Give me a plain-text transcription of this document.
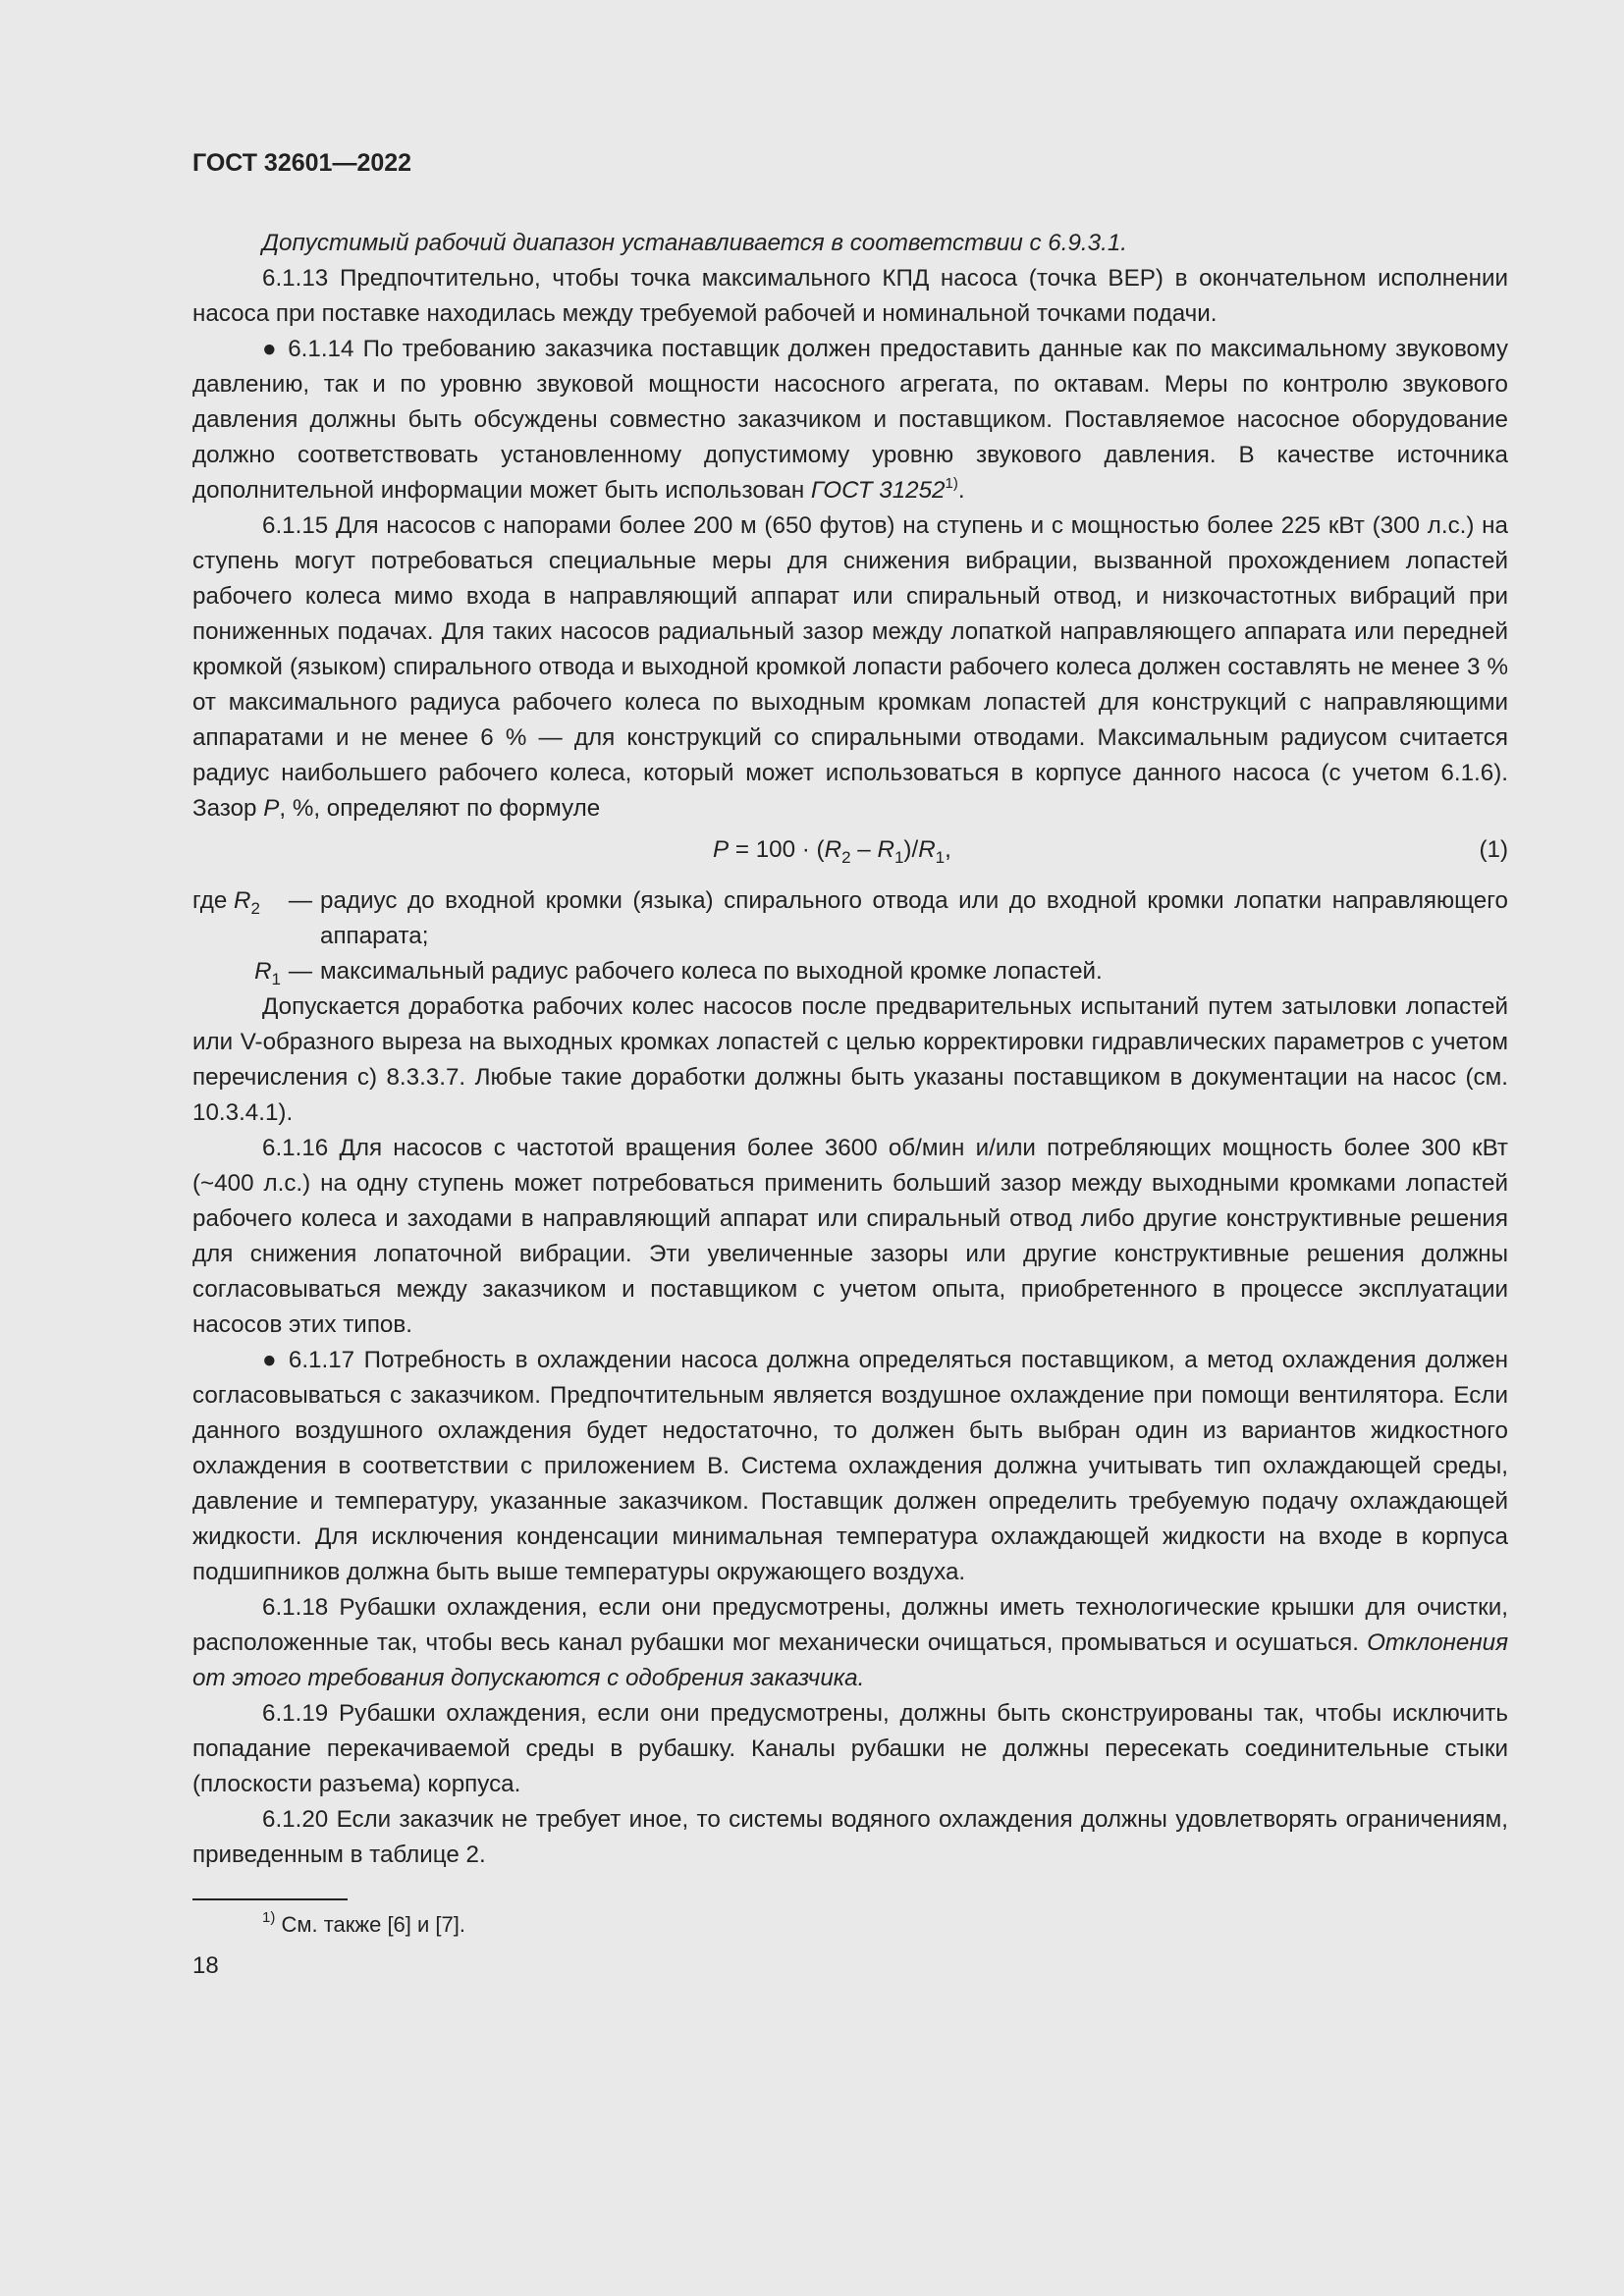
ГОСТ 32601—2022

Допустимый рабочий диапазон устанавливается в соответствии с 6.9.3.1.

6.1.13 Предпочтительно, чтобы точка максимального КПД насоса (точка BEP) в окончательном исполнении насоса при поставке находилась между требуемой рабочей и номинальной точками подачи.

● 6.1.14 По требованию заказчика поставщик должен предоставить данные как по максимальному звуковому давлению, так и по уровню звуковой мощности насосного агрегата, по октавам. Меры по контролю звукового давления должны быть обсуждены совместно заказчиком и поставщиком. Поставляемое насосное оборудование должно соответствовать установленному допустимому уровню звукового давления. В качестве источника дополнительной информации может быть использован ГОСТ 31252$^{1)}$.

6.1.15 Для насосов с напорами более 200 м (650 футов) на ступень и с мощностью более 225 кВт (300 л.с.) на ступень могут потребоваться специальные меры для снижения вибрации, вызванной прохождением лопастей рабочего колеса мимо входа в направляющий аппарат или спиральный отвод, и низкочастотных вибраций при пониженных подачах. Для таких насосов радиальный зазор между лопаткой направляющего аппарата или передней кромкой (языком) спирального отвода и выходной кромкой лопасти рабочего колеса должен составлять не менее 3 % от максимального радиуса рабочего колеса по выходным кромкам лопастей для конструкций с направляющими аппаратами и не менее 6 % — для конструкций со спиральными отводами. Максимальным радиусом считается радиус наибольшего рабочего колеса, который может использоваться в корпусе данного насоса (с учетом 6.1.6). Зазор P, %, определяют по формуле

$P = 100 \cdot (R_2 - R_1)/R_1$,	(1)
где $R_2$	— радиус до входной кромки (языка) спирального отвода или до входной кромки лопатки направляющего аппарата;
$R_1$ — максимальный радиус рабочего колеса по выходной кромке лопастей.

Допускается доработка рабочих колес насосов после предварительных испытаний путем затыловки лопастей или V-образного выреза на выходных кромках лопастей с целью корректировки гидравлических параметров с учетом перечисления с) 8.3.3.7. Любые такие доработки должны быть указаны поставщиком в документации на насос (см. 10.3.4.1).

6.1.16 Для насосов с частотой вращения более 3600 об/мин и/или потребляющих мощность более 300 кВт (~400 л.с.) на одну ступень может потребоваться применить больший зазор между выходными кромками лопастей рабочего колеса и заходами в направляющий аппарат или спиральный отвод либо другие конструктивные решения для снижения лопаточной вибрации. Эти увеличенные зазоры или другие конструктивные решения должны согласовываться между заказчиком и поставщиком с учетом опыта, приобретенного в процессе эксплуатации насосов этих типов.

● 6.1.17 Потребность в охлаждении насоса должна определяться поставщиком, а метод охлаждения должен согласовываться с заказчиком. Предпочтительным является воздушное охлаждение при помощи вентилятора. Если данного воздушного охлаждения будет недостаточно, то должен быть выбран один из вариантов жидкостного охлаждения в соответствии с приложением В. Система охлаждения должна учитывать тип охлаждающей среды, давление и температуру, указанные заказчиком. Поставщик должен определить требуемую подачу охлаждающей жидкости. Для исключения конденсации минимальная температура охлаждающей жидкости на входе в корпуса подшипников должна быть выше температуры окружающего воздуха.

6.1.18 Рубашки охлаждения, если они предусмотрены, должны иметь технологические крышки для очистки, расположенные так, чтобы весь канал рубашки мог механически очищаться, промываться и осушаться. Отклонения от этого требования допускаются с одобрения заказчика.

6.1.19 Рубашки охлаждения, если они предусмотрены, должны быть сконструированы так, чтобы исключить попадание перекачиваемой среды в рубашку. Каналы рубашки не должны пересекать соединительные стыки (плоскости разъема) корпуса.

6.1.20 Если заказчик не требует иное, то системы водяного охлаждения должны удовлетворять ограничениям, приведенным в таблице 2.

$^{1)}$ См. также [6] и [7].
18
